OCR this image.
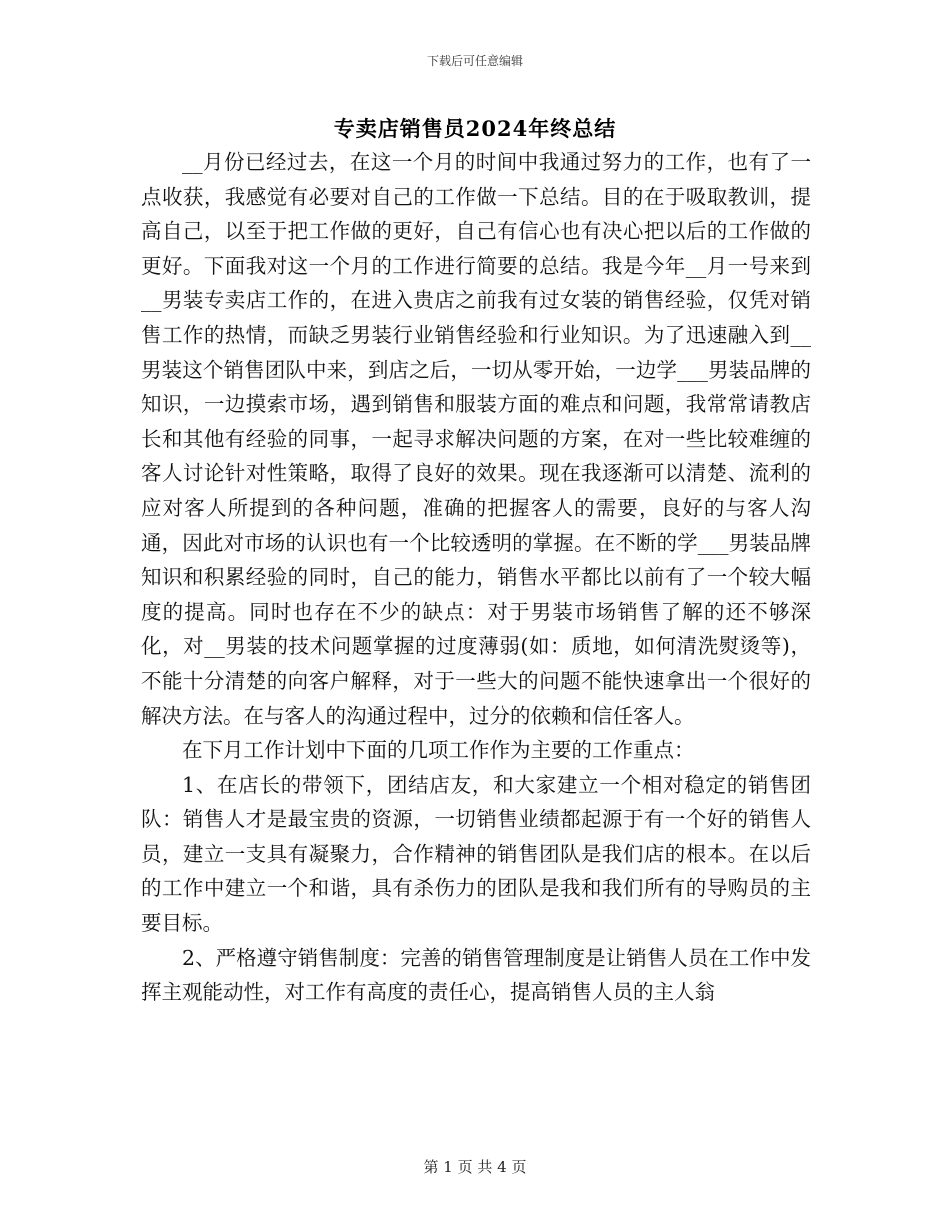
下载后可任意编辑
专卖店销售员2024年终总结

__月份已经过去，在这一个月的时间中我通过努力的工作，也有了一点收获，我感觉有必要对自己的工作做一下总结。目的在于吸取教训，提高自己，以至于把工作做的更好，自己有信心也有决心把以后的工作做的更好。下面我对这一个月的工作进行简要的总结。我是今年__月一号来到__男装专卖店工作的，在进入贵店之前我有过女装的销售经验，仅凭对销售工作的热情，而缺乏男装行业销售经验和行业知识。为了迅速融入到__男装这个销售团队中来，到店之后，一切从零开始，一边学___男装品牌的知识，一边摸索市场，遇到销售和服装方面的难点和问题，我常常请教店长和其他有经验的同事，一起寻求解决问题的方案，在对一些比较难缠的客人讨论针对性策略，取得了良好的效果。现在我逐渐可以清楚、流利的应对客人所提到的各种问题，准确的把握客人的需要，良好的与客人沟通，因此对市场的认识也有一个比较透明的掌握。在不断的学___男装品牌知识和积累经验的同时，自己的能力，销售水平都比以前有了一个较大幅度的提高。同时也存在不少的缺点：对于男装市场销售了解的还不够深化，对__男装的技术问题掌握的过度薄弱(如：质地，如何清洗熨烫等)，不能十分清楚的向客户解释，对于一些大的问题不能快速拿出一个很好的解决方法。在与客人的沟通过程中，过分的依赖和信任客人。

在下月工作计划中下面的几项工作作为主要的工作重点：

1、在店长的带领下，团结店友，和大家建立一个相对稳定的销售团队：销售人才是最宝贵的资源，一切销售业绩都起源于有一个好的销售人员，建立一支具有凝聚力，合作精神的销售团队是我们店的根本。在以后的工作中建立一个和谐，具有杀伤力的团队是我和我们所有的导购员的主要目标。

2、严格遵守销售制度：完善的销售管理制度是让销售人员在工作中发挥主观能动性，对工作有高度的责任心，提高销售人员的主人翁

第 1 页 共 4 页
